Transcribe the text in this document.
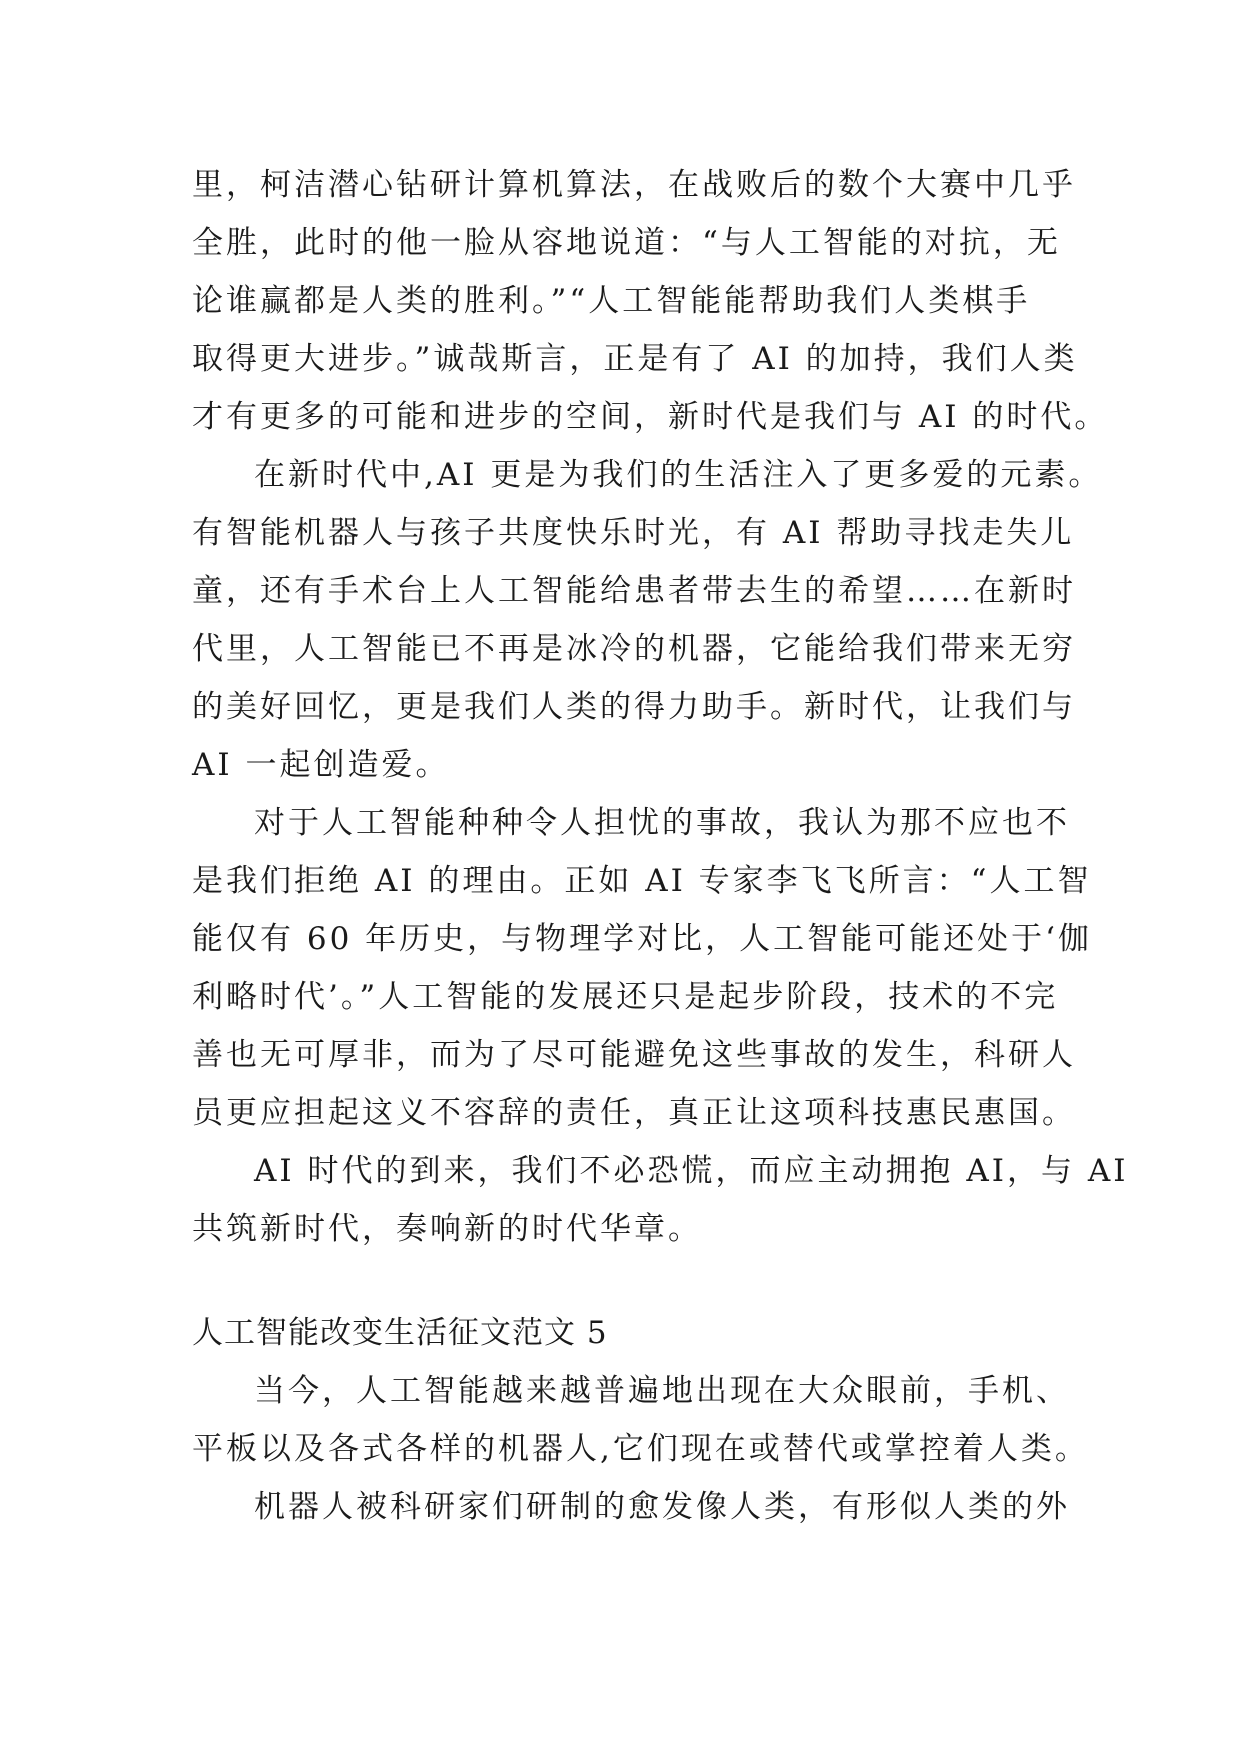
里，柯洁潜心钻研计算机算法，在战败后的数个大赛中几乎
全胜，此时的他一脸从容地说道：“与人工智能的对抗，无
论谁赢都是人类的胜利。”“人工智能能帮助我们人类棋手
取得更大进步。”诚哉斯言，正是有了 AI 的加持，我们人类
才有更多的可能和进步的空间，新时代是我们与 AI 的时代。
在新时代中,AI 更是为我们的生活注入了更多爱的元素。
有智能机器人与孩子共度快乐时光，有 AI 帮助寻找走失儿
童，还有手术台上人工智能给患者带去生的希望……在新时
代里，人工智能已不再是冰冷的机器，它能给我们带来无穷
的美好回忆，更是我们人类的得力助手。新时代，让我们与
AI 一起创造爱。
对于人工智能种种令人担忧的事故，我认为那不应也不
是我们拒绝 AI 的理由。正如 AI 专家李飞飞所言：“人工智
能仅有 60 年历史，与物理学对比，人工智能可能还处于‘伽
利略时代’。”人工智能的发展还只是起步阶段，技术的不完
善也无可厚非，而为了尽可能避免这些事故的发生，科研人
员更应担起这义不容辞的责任，真正让这项科技惠民惠国。
AI 时代的到来，我们不必恐慌，而应主动拥抱 AI，与 AI
共筑新时代，奏响新的时代华章。
人工智能改变生活征文范文 5
当今，人工智能越来越普遍地出现在大众眼前，手机、
平板以及各式各样的机器人,它们现在或替代或掌控着人类。
机器人被科研家们研制的愈发像人类，有形似人类的外
